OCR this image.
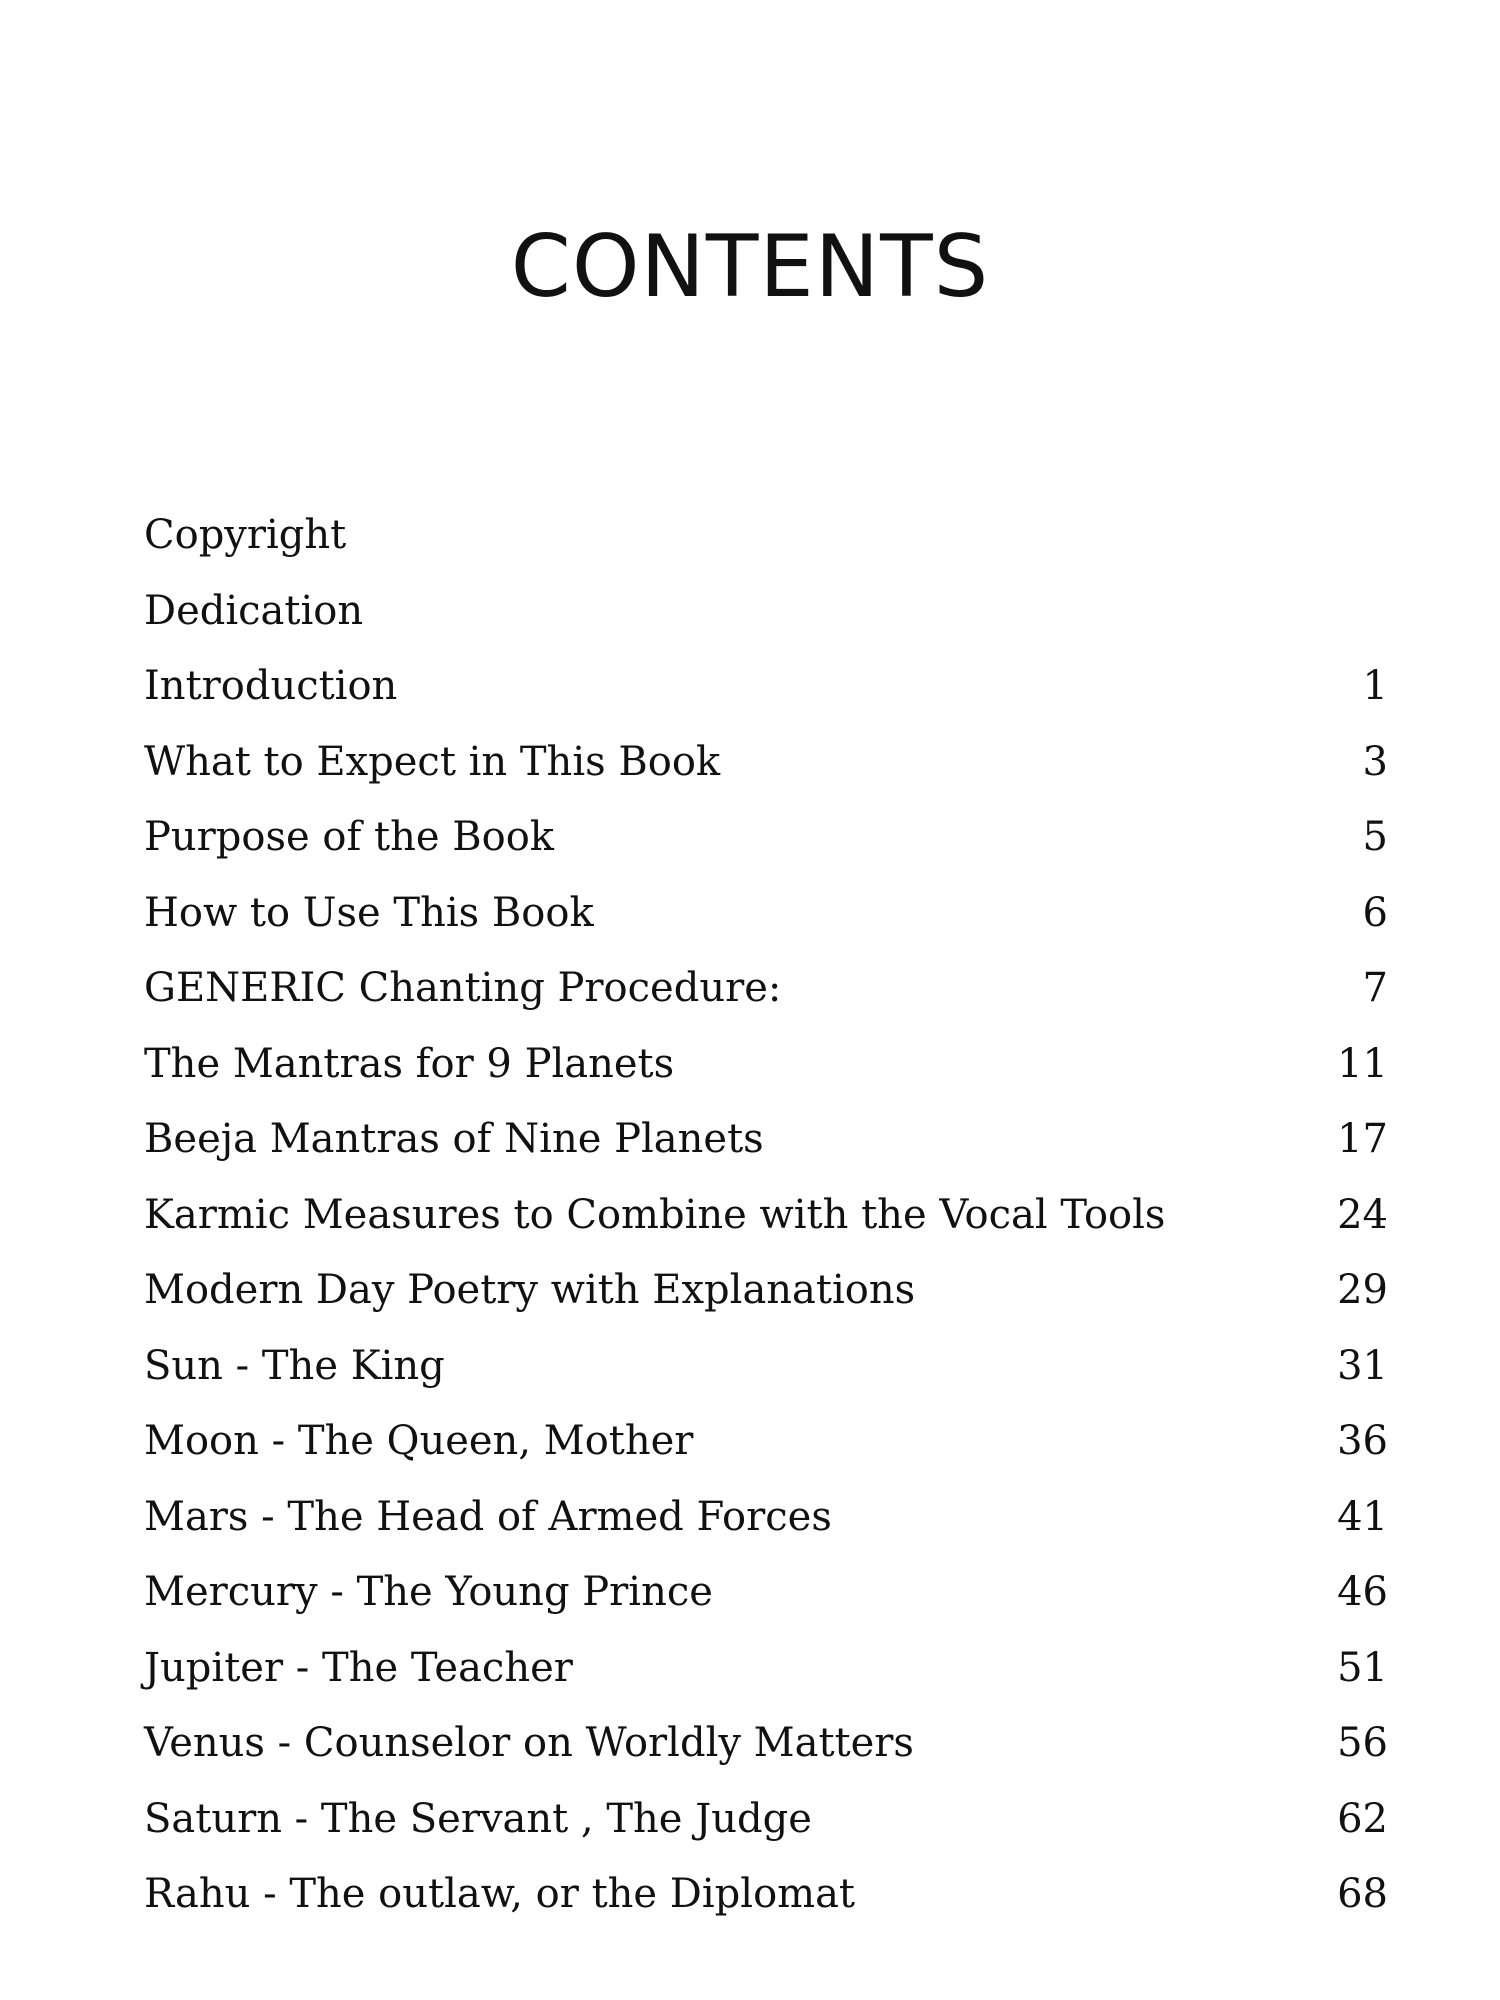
CONTENTS
Copyright
Dedication
Introduction	1
What to Expect in This Book	3
Purpose of the Book	5
How to Use This Book	6
GENERIC Chanting Procedure:	7
The Mantras for 9 Planets	11
Beeja Mantras of Nine Planets	17
Karmic Measures to Combine with the Vocal Tools	24
Modern Day Poetry with Explanations	29
Sun - The King	31
Moon - The Queen, Mother	36
Mars - The Head of Armed Forces	41
Mercury - The Young Prince	46
Jupiter - The Teacher	51
Venus - Counselor on Worldly Matters	56
Saturn - The Servant , The Judge	62
Rahu - The outlaw, or the Diplomat	68
